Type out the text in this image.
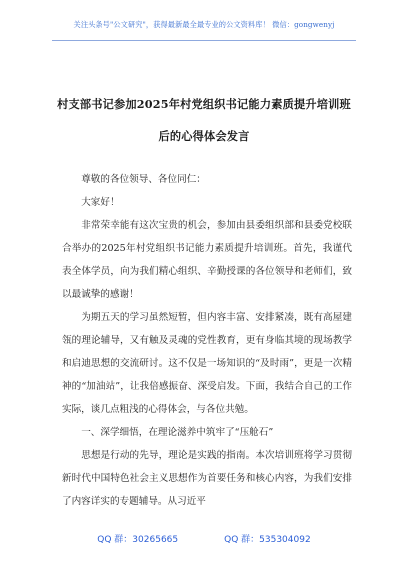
关注头条号"公文研究"，获得最新最全最专业的公文资料库！ 微信：gongwenyj
村支部书记参加2025年村党组织书记能力素质提升培训班
后的心得体会发言

尊敬的各位领导、各位同仁：

大家好！

非常荣幸能有这次宝贵的机会，参加由县委组织部和县委党校联合举办的2025年村党组织书记能力素质提升培训班。首先，我谨代表全体学员，向为我们精心组织、辛勤授课的各位领导和老师们，致以最诚挚的感谢！

为期五天的学习虽然短暂，但内容丰富、安排紧凑，既有高屋建瓴的理论辅导，又有触及灵魂的党性教育，更有身临其境的现场教学和启迪思想的交流研讨。这不仅是一场知识的“及时雨”，更是一次精神的“加油站”，让我倍感振奋、深受启发。下面，我结合自己的工作实际，谈几点粗浅的心得体会，与各位共勉。

一、深学细悟，在理论滋养中筑牢了“压舱石”

思想是行动的先导，理论是实践的指南。本次培训班将学习贯彻新时代中国特色社会主义思想作为首要任务和核心内容，为我们安排了内容详实的专题辅导。从习近平

QQ 群：30265665	QQ 群：535304092
